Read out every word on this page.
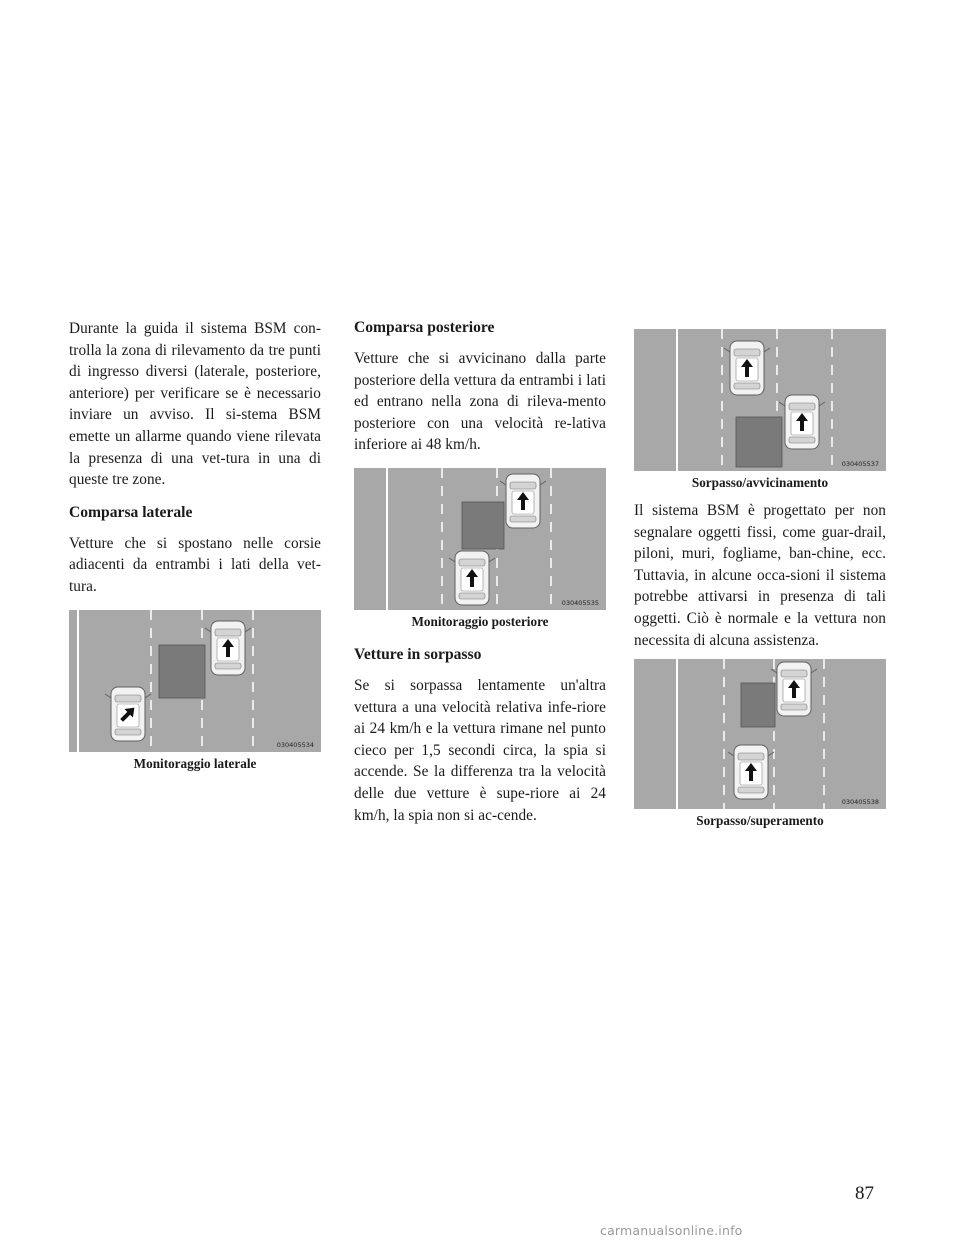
Durante la guida il sistema BSM con-trolla la zona di rilevamento da tre punti di ingresso diversi (laterale, posteriore, anteriore) per verificare se è necessario inviare un avviso. Il si-stema BSM emette un allarme quando viene rilevata la presenza di una vet-tura in una di queste tre zone.

Comparsa laterale

Vetture che si spostano nelle corsie adiacenti da entrambi i lati della vet-tura.

030405534
Monitoraggio laterale
Comparsa posteriore

Vetture che si avvicinano dalla parte posteriore della vettura da entrambi i lati ed entrano nella zona di rileva-mento posteriore con una velocità re-lativa inferiore ai 48 km/h.

030405535
Monitoraggio posteriore
Vetture in sorpasso

Se si sorpassa lentamente un'altra vettura a una velocità relativa infe-riore ai 24 km/h e la vettura rimane nel punto cieco per 1,5 secondi circa, la spia si accende. Se la differenza tra la velocità delle due vetture è supe-riore ai 24 km/h, la spia non si ac-cende.

030405537
Sorpasso/avvicinamento

Il sistema BSM è progettato per non segnalare oggetti fissi, come guar-drail, piloni, muri, fogliame, ban-chine, ecc. Tuttavia, in alcune occa-sioni il sistema potrebbe attivarsi in presenza di tali oggetti. Ciò è normale e la vettura non necessita di alcuna assistenza.

030405538
Sorpasso/superamento
87
carmanualsonline.info
